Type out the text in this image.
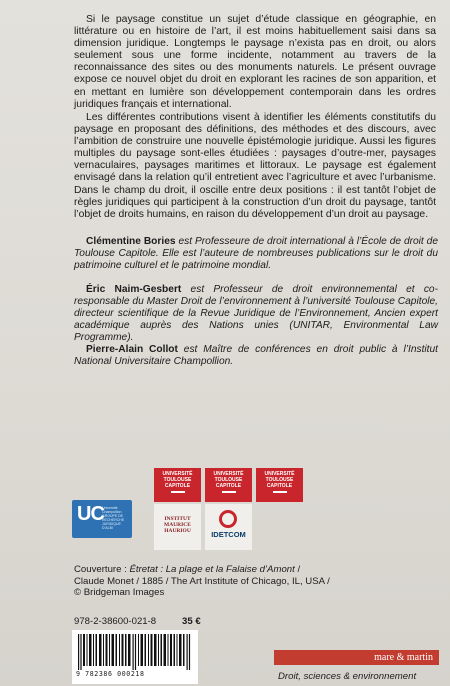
Si le paysage constitue un sujet d’étude classique en géographie, en littérature ou en histoire de l’art, il est moins habituellement saisi dans sa dimension juridique. Longtemps le paysage n’exista pas en droit, ou alors seulement sous une forme incidente, notamment au travers de la reconnaissance des sites ou des monuments naturels. Le présent ouvrage expose ce nouvel objet du droit en explorant les racines de son apparition, et en mettant en lumière son développement contemporain dans les ordres juridiques français et international.

Les différentes contributions visent à identifier les éléments constitutifs du paysage en proposant des définitions, des méthodes et des discours, avec l’ambition de construire une nouvelle épistémologie juridique. Aussi les figures multiples du paysage sont-elles étudiées : paysages d’outre-mer, paysages vernaculaires, paysages maritimes et littoraux. Le paysage est également envisagé dans la relation qu’il entretient avec l’agriculture et avec l’urbanisme. Dans le champ du droit, il oscille entre deux positions : il est tantôt l’objet de règles juridiques qui participent à la construction d’un droit du paysage, tantôt l’objet de droits humains, en raison du développement d’un droit au paysage.

Clémentine Bories est Professeure de droit international à l’École de droit de Toulouse Capitole. Elle est l’auteure de nombreuses publications sur le droit du patrimoine culturel et le patrimoine mondial.

Éric Naim-Gesbert est Professeur de droit environnemental et co-responsable du Master Droit de l’environnement à l’université Toulouse Capitole, directeur scientifique de la Revue Juridique de l’Environnement, Ancien expert académique auprès des Nations unies (UNITAR, Environmental Law Programme).

Pierre-Alain Collot est Maître de conférences en droit public à l’Institut National Universitaire Champollion.

UC
Université Champollion GROUPE DE RECHERCHE JURIDIQUE D’ALBI
UNIVERSITÉ TOULOUSE CAPITOLE
INSTITUT MAURICE HAURIOU
UNIVERSITÉ TOULOUSE CAPITOLE
IDETCOM
UNIVERSITÉ TOULOUSE CAPITOLE

Couverture : Étretat : La plage et la Falaise d’Amont /
Claude Monet / 1885 / The Art Institute of Chicago, IL, USA /
© Bridgeman Images

978-2-38600-021-8	35 €
9 782386 000218
mare & martin
Droit, sciences & environnement
